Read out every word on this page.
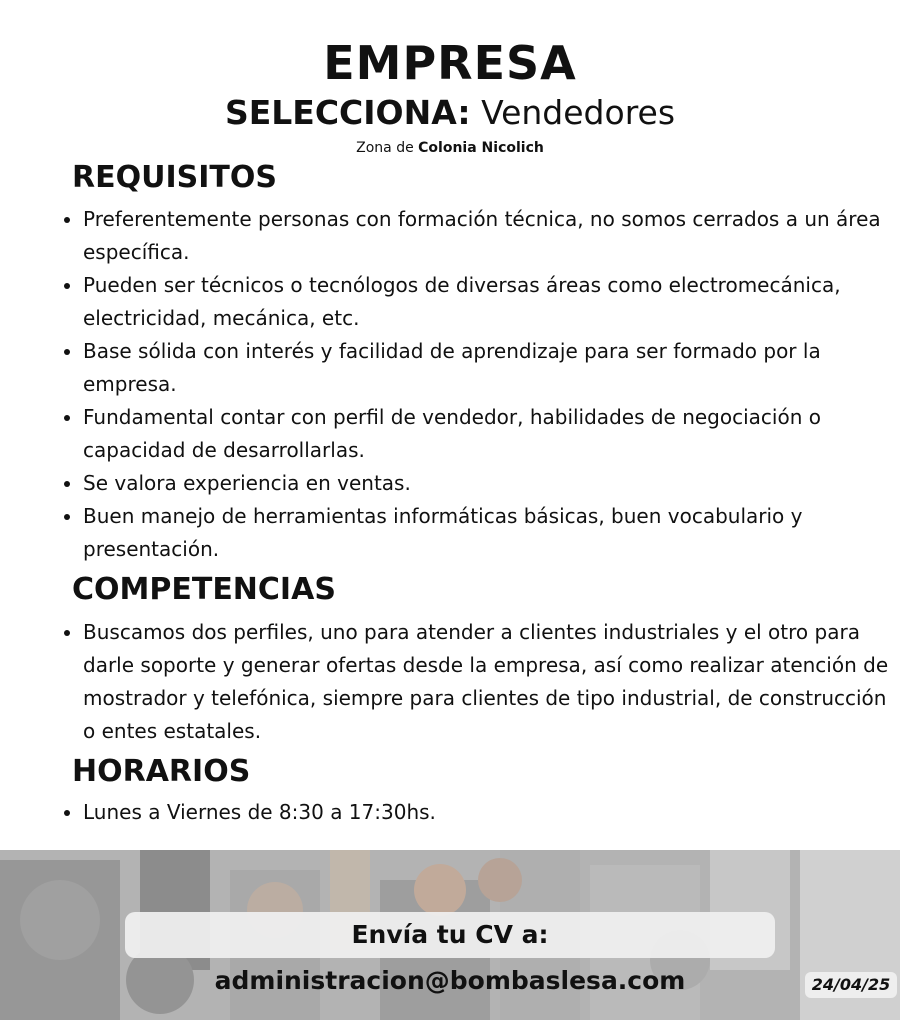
EMPRESA

SELECCIONA: Vendedores

Zona de Colonia Nicolich

REQUISITOS
• Preferentemente personas con formación técnica, no somos cerrados a un área específica.
• Pueden ser técnicos o tecnólogos de diversas áreas como electromecánica, electricidad, mecánica, etc.
• Base sólida con interés y facilidad de aprendizaje para ser formado por la empresa.
• Fundamental contar con perfil de vendedor, habilidades de negociación o capacidad de desarrollarlas.
• Se valora experiencia en ventas.
• Buen manejo de herramientas informáticas básicas, buen vocabulario y presentación.
COMPETENCIAS
• Buscamos dos perfiles, uno para atender a clientes industriales y el otro para darle soporte y generar ofertas desde la empresa, así como realizar atención de mostrador y telefónica, siempre para clientes de tipo industrial, de construcción o entes estatales.
HORARIOS
• Lunes a Viernes de 8:30 a 17:30hs.
Envía tu CV a: administracion@bombaslesa.com	24/04/25
